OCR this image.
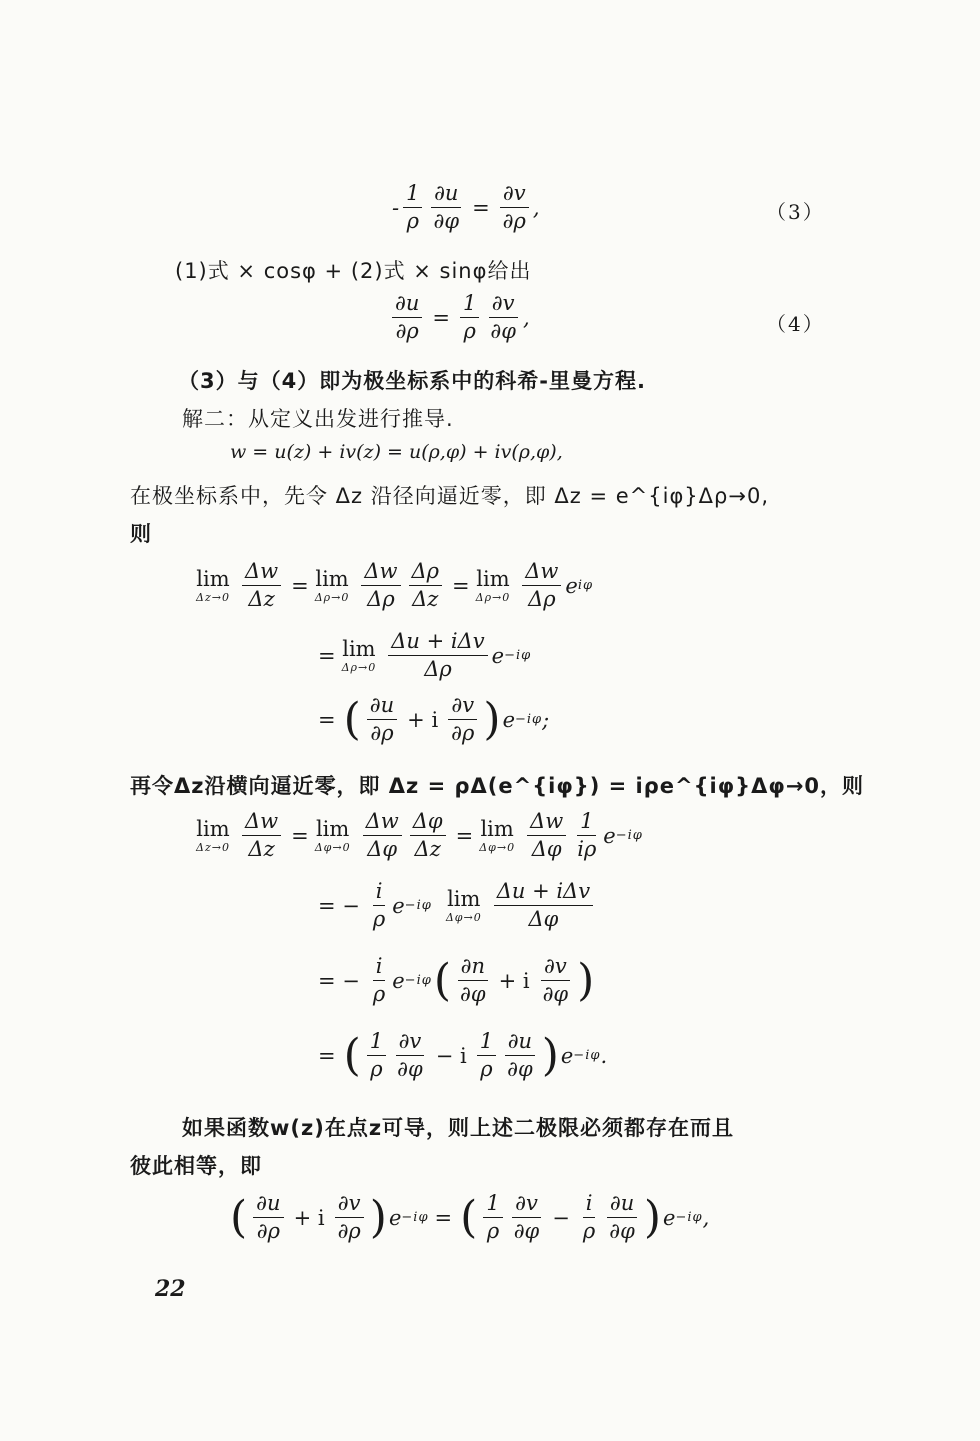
- $\frac{1}{\rho} \frac{\partial u}{\partial\varphi} = \frac{\partial v}{\partial\rho}$ ,	（3）
(1)式 × cosφ + (2)式 × sinφ给出
$\frac{\partial u}{\partial\rho} = \frac{1}{\rho} \frac{\partial v}{\partial\varphi}$ ,	（4）
（3）与（4）即为极坐标系中的科希-里曼方程.
解二：从定义出发进行推导.
w = u(z) + iv(z) = u(ρ,φ) + iv(ρ,φ),
在极坐标系中，先令 Δz 沿径向逼近零，即 Δz = e^{iφ}Δρ→0,
则
lim
$\Delta z\to 0 \frac{\Delta w}{\Delta z} = \lim$
$\Delta\rho\to 0 \frac{\Delta w}{\Delta\rho} \frac{\Delta\rho}{\Delta z} = \lim$
$\Delta\rho\to 0 \frac{\Delta w}{\Delta\rho}$ e iφ
= lim
$\Delta\rho\to 0 \frac{\text{Δu + iΔv}}{\Delta\rho}$ e −iφ
= ( $\frac{\partial u}{\partial\rho} + i \frac{\partial v}{\partial\rho}$ ) e −iφ ;
再令Δz沿横向逼近零，即 Δz = ρΔ(e^{iφ}) = iρe^{iφ}Δφ→0，则
lim
$\Delta z\to 0 \frac{\Delta w}{\Delta z} = \lim$
$\Delta\varphi\to 0 \frac{\Delta w}{\Delta\varphi} \frac{\Delta\varphi}{\Delta z} = \lim$
$\Delta\varphi\to 0 \frac{\Delta w}{\Delta\varphi} \frac{1}{i\rho}$ e −iφ
= − $\frac{i}{\rho}$ e −iφ lim
$\Delta\varphi\to 0 \frac{\text{Δu + iΔv}}{\Delta\varphi}$
= − $\frac{i}{\rho}$ e −iφ ( $\frac{\partial n}{\partial\varphi} + i \frac{\partial v}{\partial\varphi}$ )
= ( $\frac{1}{\rho} \frac{\partial v}{\partial\varphi} - i \frac{1}{\rho} \frac{\partial u}{\partial\varphi}$ ) e −iφ .
如果函数w(z)在点z可导，则上述二极限必须都存在而且
彼此相等，即
( $\frac{\partial u}{\partial\rho} + i \frac{\partial v}{\partial\rho}$ ) e −iφ = ( $\frac{1}{\rho} \frac{\partial v}{\partial\varphi} - \frac{i}{\rho} \frac{\partial u}{\partial\varphi}$ ) e −iφ ,
22
